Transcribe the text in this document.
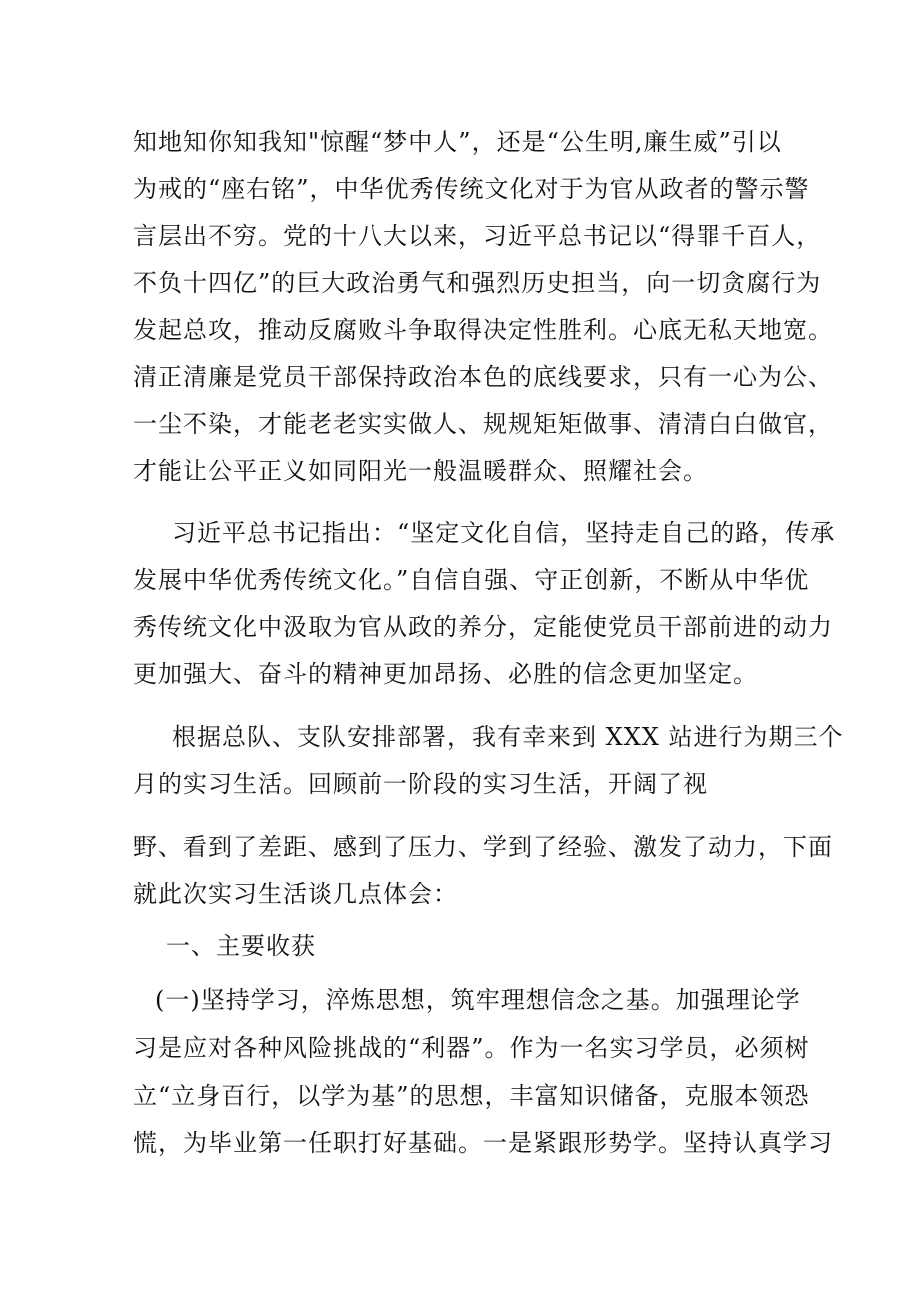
知地知你知我知"惊醒“梦中人”，还是“公生明,廉生威”引以
为戒的“座右铭”，中华优秀传统文化对于为官从政者的警示警
言层出不穷。党的十八大以来，习近平总书记以“得罪千百人，
不负十四亿”的巨大政治勇气和强烈历史担当，向一切贪腐行为
发起总攻，推动反腐败斗争取得决定性胜利。心底无私天地宽。
清正清廉是党员干部保持政治本色的底线要求，只有一心为公、
一尘不染，才能老老实实做人、规规矩矩做事、清清白白做官，
才能让公平正义如同阳光一般温暖群众、照耀社会。
习近平总书记指出：“坚定文化自信，坚持走自己的路，传承
发展中华优秀传统文化。”自信自强、守正创新，不断从中华优
秀传统文化中汲取为官从政的养分，定能使党员干部前进的动力
更加强大、奋斗的精神更加昂扬、必胜的信念更加坚定。
根据总队、支队安排部署，我有幸来到 XXX 站进行为期三个
月的实习生活。回顾前一阶段的实习生活，开阔了视
野、看到了差距、感到了压力、学到了经验、激发了动力，下面
就此次实习生活谈几点体会：
一、主要收获
(一)坚持学习，淬炼思想，筑牢理想信念之基。加强理论学
习是应对各种风险挑战的“利器”。作为一名实习学员，必须树
立“立身百行，以学为基”的思想，丰富知识储备，克服本领恐
慌，为毕业第一任职打好基础。一是紧跟形势学。坚持认真学习
